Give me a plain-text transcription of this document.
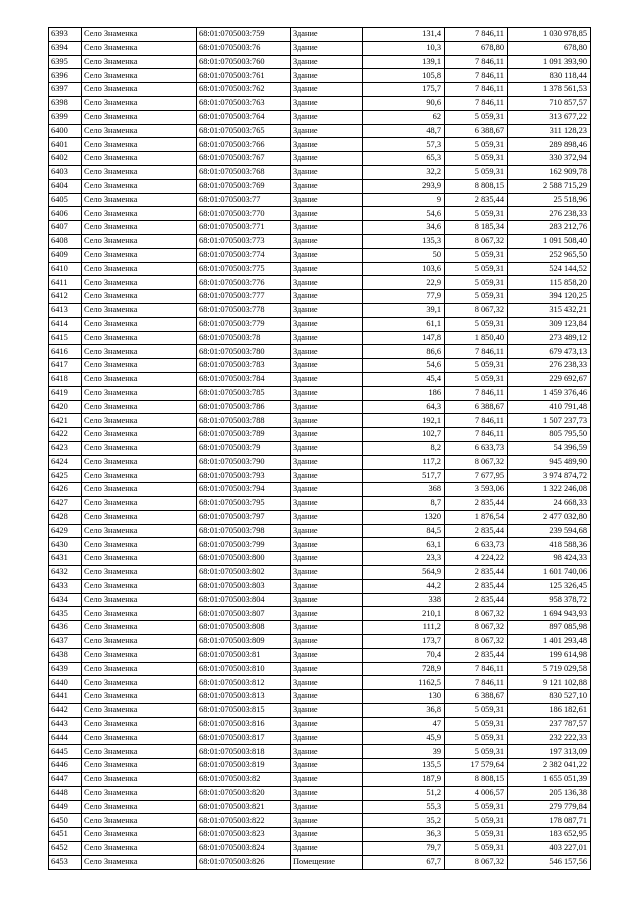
6393	Село Знаменка	68:01:0705003:759	Здание	131,4	7 846,11	1 030 978,85
6394	Село Знаменка	68:01:0705003:76	Здание	10,3	678,80	678,80
6395	Село Знаменка	68:01:0705003:760	Здание	139,1	7 846,11	1 091 393,90
6396	Село Знаменка	68:01:0705003:761	Здание	105,8	7 846,11	830 118,44
6397	Село Знаменка	68:01:0705003:762	Здание	175,7	7 846,11	1 378 561,53
6398	Село Знаменка	68:01:0705003:763	Здание	90,6	7 846,11	710 857,57
6399	Село Знаменка	68:01:0705003:764	Здание	62	5 059,31	313 677,22
6400	Село Знаменка	68:01:0705003:765	Здание	48,7	6 388,67	311 128,23
6401	Село Знаменка	68:01:0705003:766	Здание	57,3	5 059,31	289 898,46
6402	Село Знаменка	68:01:0705003:767	Здание	65,3	5 059,31	330 372,94
6403	Село Знаменка	68:01:0705003:768	Здание	32,2	5 059,31	162 909,78
6404	Село Знаменка	68:01:0705003:769	Здание	293,9	8 808,15	2 588 715,29
6405	Село Знаменка	68:01:0705003:77	Здание	9	2 835,44	25 518,96
6406	Село Знаменка	68:01:0705003:770	Здание	54,6	5 059,31	276 238,33
6407	Село Знаменка	68:01:0705003:771	Здание	34,6	8 185,34	283 212,76
6408	Село Знаменка	68:01:0705003:773	Здание	135,3	8 067,32	1 091 508,40
6409	Село Знаменка	68:01:0705003:774	Здание	50	5 059,31	252 965,50
6410	Село Знаменка	68:01:0705003:775	Здание	103,6	5 059,31	524 144,52
6411	Село Знаменка	68:01:0705003:776	Здание	22,9	5 059,31	115 858,20
6412	Село Знаменка	68:01:0705003:777	Здание	77,9	5 059,31	394 120,25
6413	Село Знаменка	68:01:0705003:778	Здание	39,1	8 067,32	315 432,21
6414	Село Знаменка	68:01:0705003:779	Здание	61,1	5 059,31	309 123,84
6415	Село Знаменка	68:01:0705003:78	Здание	147,8	1 850,40	273 489,12
6416	Село Знаменка	68:01:0705003:780	Здание	86,6	7 846,11	679 473,13
6417	Село Знаменка	68:01:0705003:783	Здание	54,6	5 059,31	276 238,33
6418	Село Знаменка	68:01:0705003:784	Здание	45,4	5 059,31	229 692,67
6419	Село Знаменка	68:01:0705003:785	Здание	186	7 846,11	1 459 376,46
6420	Село Знаменка	68:01:0705003:786	Здание	64,3	6 388,67	410 791,48
6421	Село Знаменка	68:01:0705003:788	Здание	192,1	7 846,11	1 507 237,73
6422	Село Знаменка	68:01:0705003:789	Здание	102,7	7 846,11	805 795,50
6423	Село Знаменка	68:01:0705003:79	Здание	8,2	6 633,73	54 396,59
6424	Село Знаменка	68:01:0705003:790	Здание	117,2	8 067,32	945 489,90
6425	Село Знаменка	68:01:0705003:793	Здание	517,7	7 677,95	3 974 874,72
6426	Село Знаменка	68:01:0705003:794	Здание	368	3 593,06	1 322 246,08
6427	Село Знаменка	68:01:0705003:795	Здание	8,7	2 835,44	24 668,33
6428	Село Знаменка	68:01:0705003:797	Здание	1320	1 876,54	2 477 032,80
6429	Село Знаменка	68:01:0705003:798	Здание	84,5	2 835,44	239 594,68
6430	Село Знаменка	68:01:0705003:799	Здание	63,1	6 633,73	418 588,36
6431	Село Знаменка	68:01:0705003:800	Здание	23,3	4 224,22	98 424,33
6432	Село Знаменка	68:01:0705003:802	Здание	564,9	2 835,44	1 601 740,06
6433	Село Знаменка	68:01:0705003:803	Здание	44,2	2 835,44	125 326,45
6434	Село Знаменка	68:01:0705003:804	Здание	338	2 835,44	958 378,72
6435	Село Знаменка	68:01:0705003:807	Здание	210,1	8 067,32	1 694 943,93
6436	Село Знаменка	68:01:0705003:808	Здание	111,2	8 067,32	897 085,98
6437	Село Знаменка	68:01:0705003:809	Здание	173,7	8 067,32	1 401 293,48
6438	Село Знаменка	68:01:0705003:81	Здание	70,4	2 835,44	199 614,98
6439	Село Знаменка	68:01:0705003:810	Здание	728,9	7 846,11	5 719 029,58
6440	Село Знаменка	68:01:0705003:812	Здание	1162,5	7 846,11	9 121 102,88
6441	Село Знаменка	68:01:0705003:813	Здание	130	6 388,67	830 527,10
6442	Село Знаменка	68:01:0705003:815	Здание	36,8	5 059,31	186 182,61
6443	Село Знаменка	68:01:0705003:816	Здание	47	5 059,31	237 787,57
6444	Село Знаменка	68:01:0705003:817	Здание	45,9	5 059,31	232 222,33
6445	Село Знаменка	68:01:0705003:818	Здание	39	5 059,31	197 313,09
6446	Село Знаменка	68:01:0705003:819	Здание	135,5	17 579,64	2 382 041,22
6447	Село Знаменка	68:01:0705003:82	Здание	187,9	8 808,15	1 655 051,39
6448	Село Знаменка	68:01:0705003:820	Здание	51,2	4 006,57	205 136,38
6449	Село Знаменка	68:01:0705003:821	Здание	55,3	5 059,31	279 779,84
6450	Село Знаменка	68:01:0705003:822	Здание	35,2	5 059,31	178 087,71
6451	Село Знаменка	68:01:0705003:823	Здание	36,3	5 059,31	183 652,95
6452	Село Знаменка	68:01:0705003:824	Здание	79,7	5 059,31	403 227,01
6453	Село Знаменка	68:01:0705003:826	Помещение	67,7	8 067,32	546 157,56
